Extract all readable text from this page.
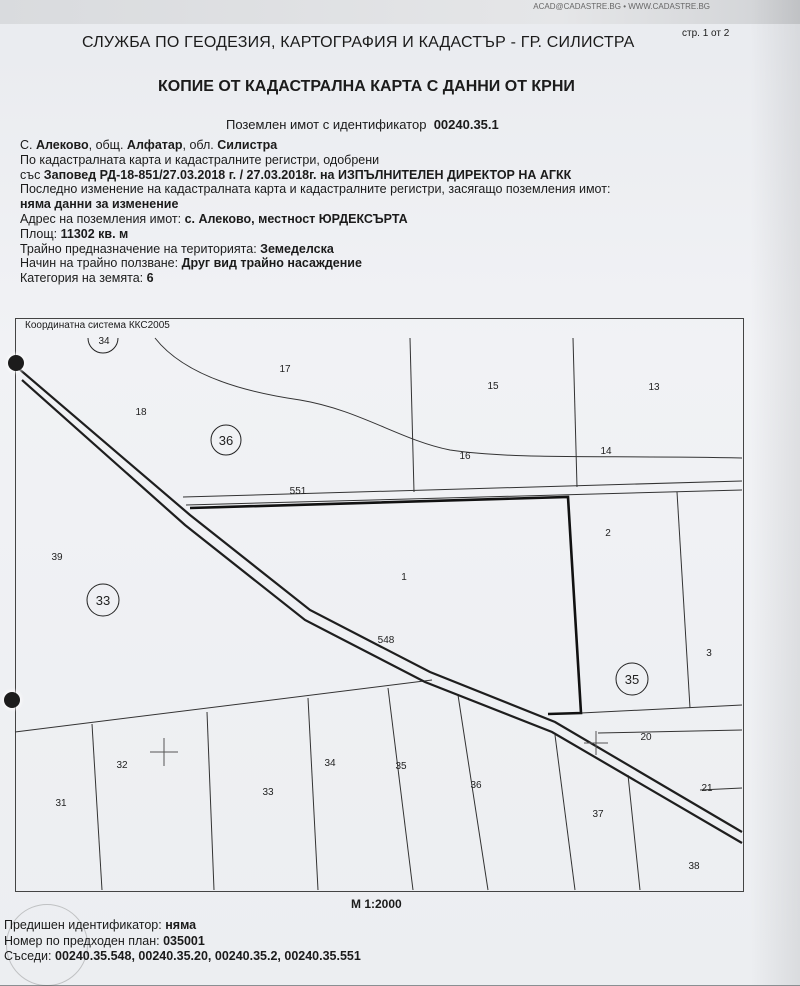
ACAD@CADASTRE.BG • WWW.CADASTRE.BG
стр. 1 от 2
СЛУЖБА ПО ГЕОДЕЗИЯ, КАРТОГРАФИЯ И КАДАСТЪР - ГР. СИЛИСТРА
КОПИЕ ОТ КАДАСТРАЛНА КАРТА С ДАННИ ОТ КРНИ
Поземлен имот с идентификатор 00240.35.1
С. Алеково, общ. Алфатар, обл. Силистра
По кадастралната карта и кадастралните регистри, одобрени
със Заповед РД-18-851/27.03.2018 г. / 27.03.2018г. на ИЗПЪЛНИТЕЛЕН ДИРЕКТОР НА АГКК
Последно изменение на кадастралната карта и кадастралните регистри, засягащо поземления имот:
няма данни за изменение
Адрес на поземления имот: с. Алеково, местност ЮРДЕКСЪРТА
Площ: 11302 кв. м
Трайно предназначение на територията: Земеделска
Начин на трайно ползване: Друг вид трайно насаждение
Категория на земята: 6
Координатна система ККС2005
34
17
15	13
18
16	14
551
2
39
1
548
3
20
32	34	35
36	21
33
31
37
38
36
33
35
М 1:2000
Предишен идентификатор: няма
Номер по предходен план: 035001
Съседи: 00240.35.548, 00240.35.20, 00240.35.2, 00240.35.551
